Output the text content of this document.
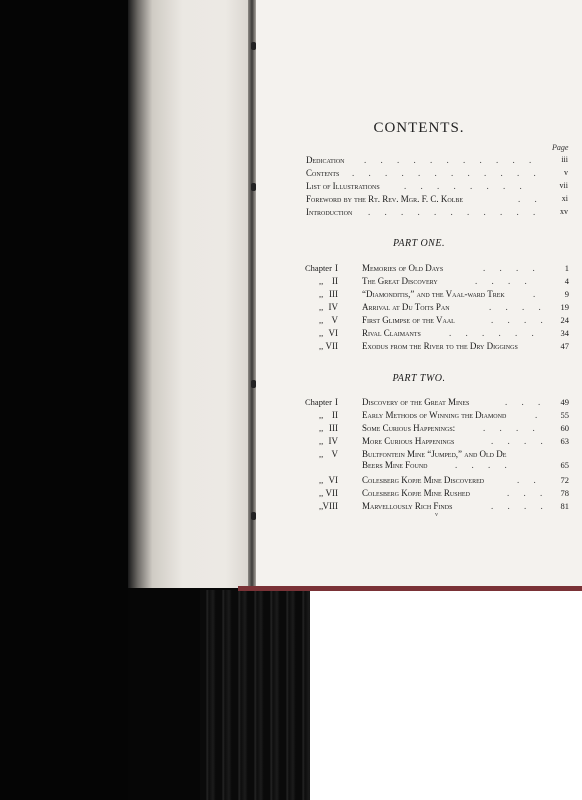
CONTENTS.
Page
Dedication . . . . . . . . . . .	iii
Contents . . . . . . . . . . . .	v
List of Illustrations	. . . . . . . .	vii
Foreword by the Rt. Rev. Mgr. F. C. Kolbe	. . xi
Introduction . . . . . . . . . . . xv
PART ONE.
Chapter I	Memories of Old Days	. . . .	1
,, II	The Great Discovery	. . . .	4
,, III	“Diamonditis,” and the Vaal-ward Trek	.	9
,, IV	Arrival at Du Toits Pan	. . . . 19
,, V	First Glimpse of the Vaal	. . . . 24
,, VI	Rival Claimants	. . . . . . 34
,, VII	Exodus from the River to the Dry Diggings	47
PART TWO.
Chapter I	Discovery of the Great Mines	. . . 49
,, II	Early Methods of Winning the Diamond	. 55
,, III	Some Curious Happenings:	. . . . 60
,, IV	More Curious Happenings	. . . . 63
,, V	Bultfontein Mine “Jumped,” and Old De
Beers Mine Found	. . . .	65
,, VI	Colesberg Kopje Mine Discovered	. . 72
,, VII	Colesberg Kopje Mine Rushed	. . . 78
,, VIII	Marvellously Rich Finds	. . . . 81
v
